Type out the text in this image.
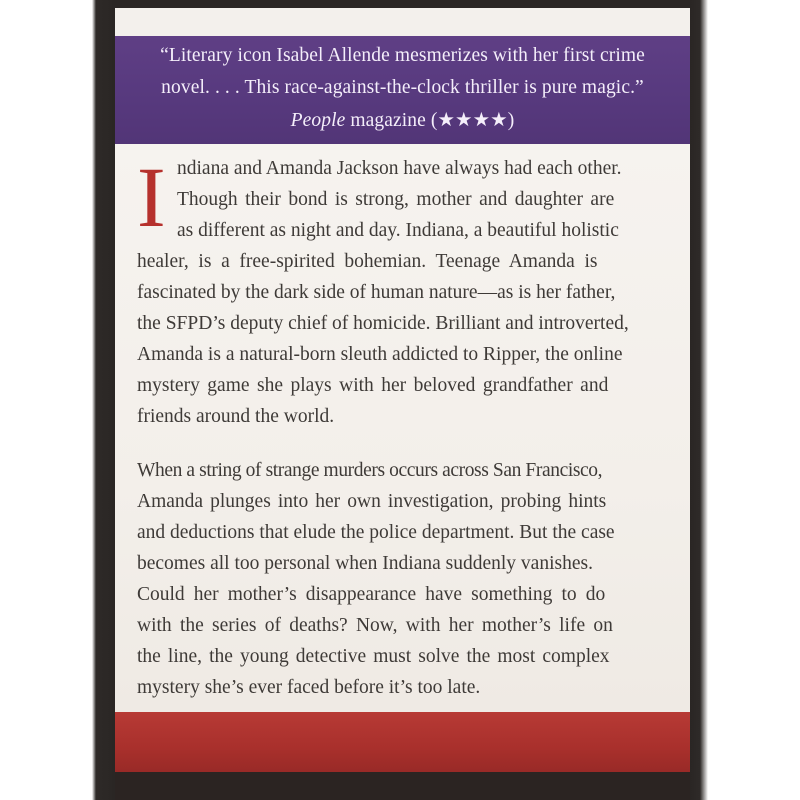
“Literary icon Isabel Allende mesmerizes with her first crime
novel. . . . This race-against-the-clock thriller is pure magic.”
People magazine (★★★★)
I ndiana and Amanda Jackson have always had each other.
Though their bond is strong, mother and daughter are
as different as night and day. Indiana, a beautiful holistic
healer, is a free-spirited bohemian. Teenage Amanda is
fascinated by the dark side of human nature—as is her father,
the SFPD’s deputy chief of homicide. Brilliant and introverted,
Amanda is a natural-born sleuth addicted to Ripper, the online
mystery game she plays with her beloved grandfather and
friends around the world.
When a string of strange murders occurs across San Francisco,
Amanda plunges into her own investigation, probing hints
and deductions that elude the police department. But the case
becomes all too personal when Indiana suddenly vanishes.
Could her mother’s disappearance have something to do
with the series of deaths? Now, with her mother’s life on
the line, the young detective must solve the most complex
mystery she’s ever faced before it’s too late.
